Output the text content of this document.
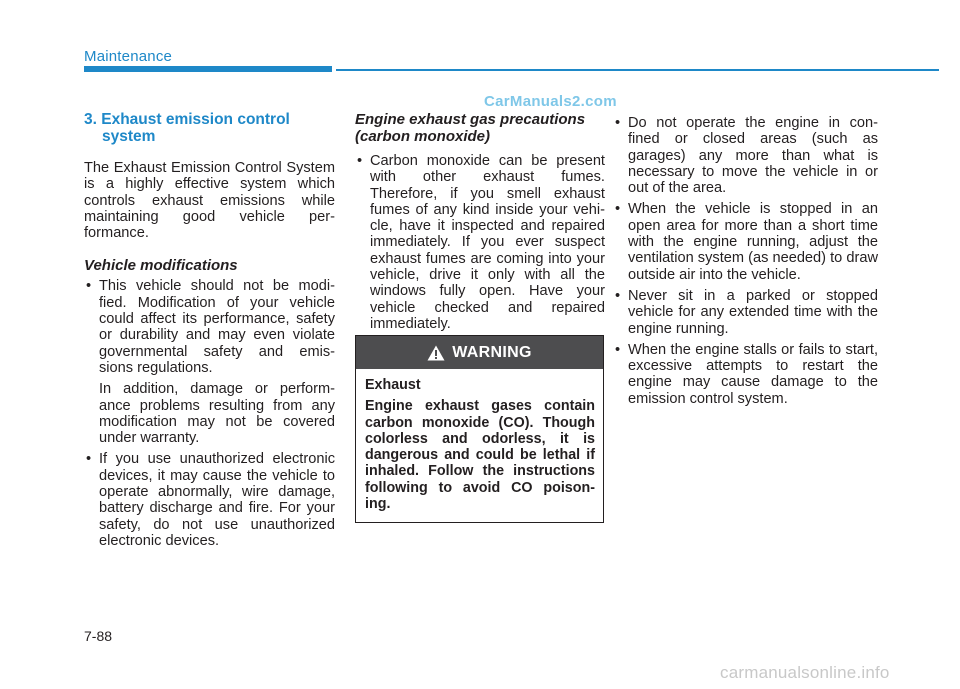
Maintenance
CarManuals2.com
3. Exhaust emission control
system

The Exhaust Emission Control System is a highly effective system which controls exhaust emissions while maintaining good vehicle per- formance.

Vehicle modifications
• This vehicle should not be modi- fied. Modification of your vehicle could affect its performance, safety or durability and may even violate governmental safety and emis- sions regulations.
In addition, damage or perform- ance problems resulting from any modification may not be covered under warranty.
• If you use unauthorized electronic devices, it may cause the vehicle to operate abnormally, wire damage, battery discharge and fire. For your safety, do not use unauthorized electronic devices.
Engine exhaust gas precautions
(carbon monoxide)
• Carbon monoxide can be present with other exhaust fumes. Therefore, if you smell exhaust fumes of any kind inside your vehi- cle, have it inspected and repaired immediately. If you ever suspect exhaust fumes are coming into your vehicle, drive it only with all the windows fully open. Have your vehicle checked and repaired immediately.
WARNING
Exhaust
Engine exhaust gases contain carbon monoxide (CO). Though colorless and odorless, it is dangerous and could be lethal if inhaled. Follow the instructions following to avoid CO poison- ing.
• Do not operate the engine in con- fined or closed areas (such as garages) any more than what is necessary to move the vehicle in or out of the area.
• When the vehicle is stopped in an open area for more than a short time with the engine running, adjust the ventilation system (as needed) to draw outside air into the vehicle.
• Never sit in a parked or stopped vehicle for any extended time with the engine running.
• When the engine stalls or fails to start, excessive attempts to restart the engine may cause damage to the emission control system.
7-88
carmanualsonline.info
